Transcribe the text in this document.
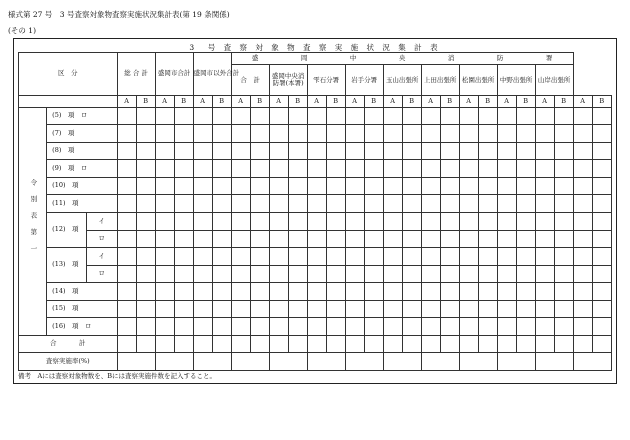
様式第 27 号　3 号査察対象物査察実施状況集計表(第 19 条関係)
(その 1)
3　号 査 察 対 象 物 査 察 実 施 状 況 集 計 表
区　分			総 合 計		盛岡市合計		盛岡市以外合計		盛　岡　中　央　消　防　署																			
									合　計		盛岡中央消防署(本署)		雫石分署		岩手分署		玉山出張所		上田出張所		松園出張所		中野出張所		山岸出張所			
			A	B	A	B	A	B	A	B	A	B	A	B	A	B	A	B	A	B	A	B	A	B	A	B	A	B
令別表第一	(5)　 項　 ロ																											
	(7)　 項																											
	(8)　 項																											
	(9)　 項　 ロ																											
	(10)　 項																											
	(11)　 項																											
	(12)　 項	イ																										
		ロ																										
	(13)　 項	イ																										
		ロ																										
	(14)　 項																											
	(15)　 項																											
	(16)　 項　 ロ																											
合　計																												
査察実施率(%)																												
備考　Aには査察対象物数を、Bには査察実施件数を記入すること。
